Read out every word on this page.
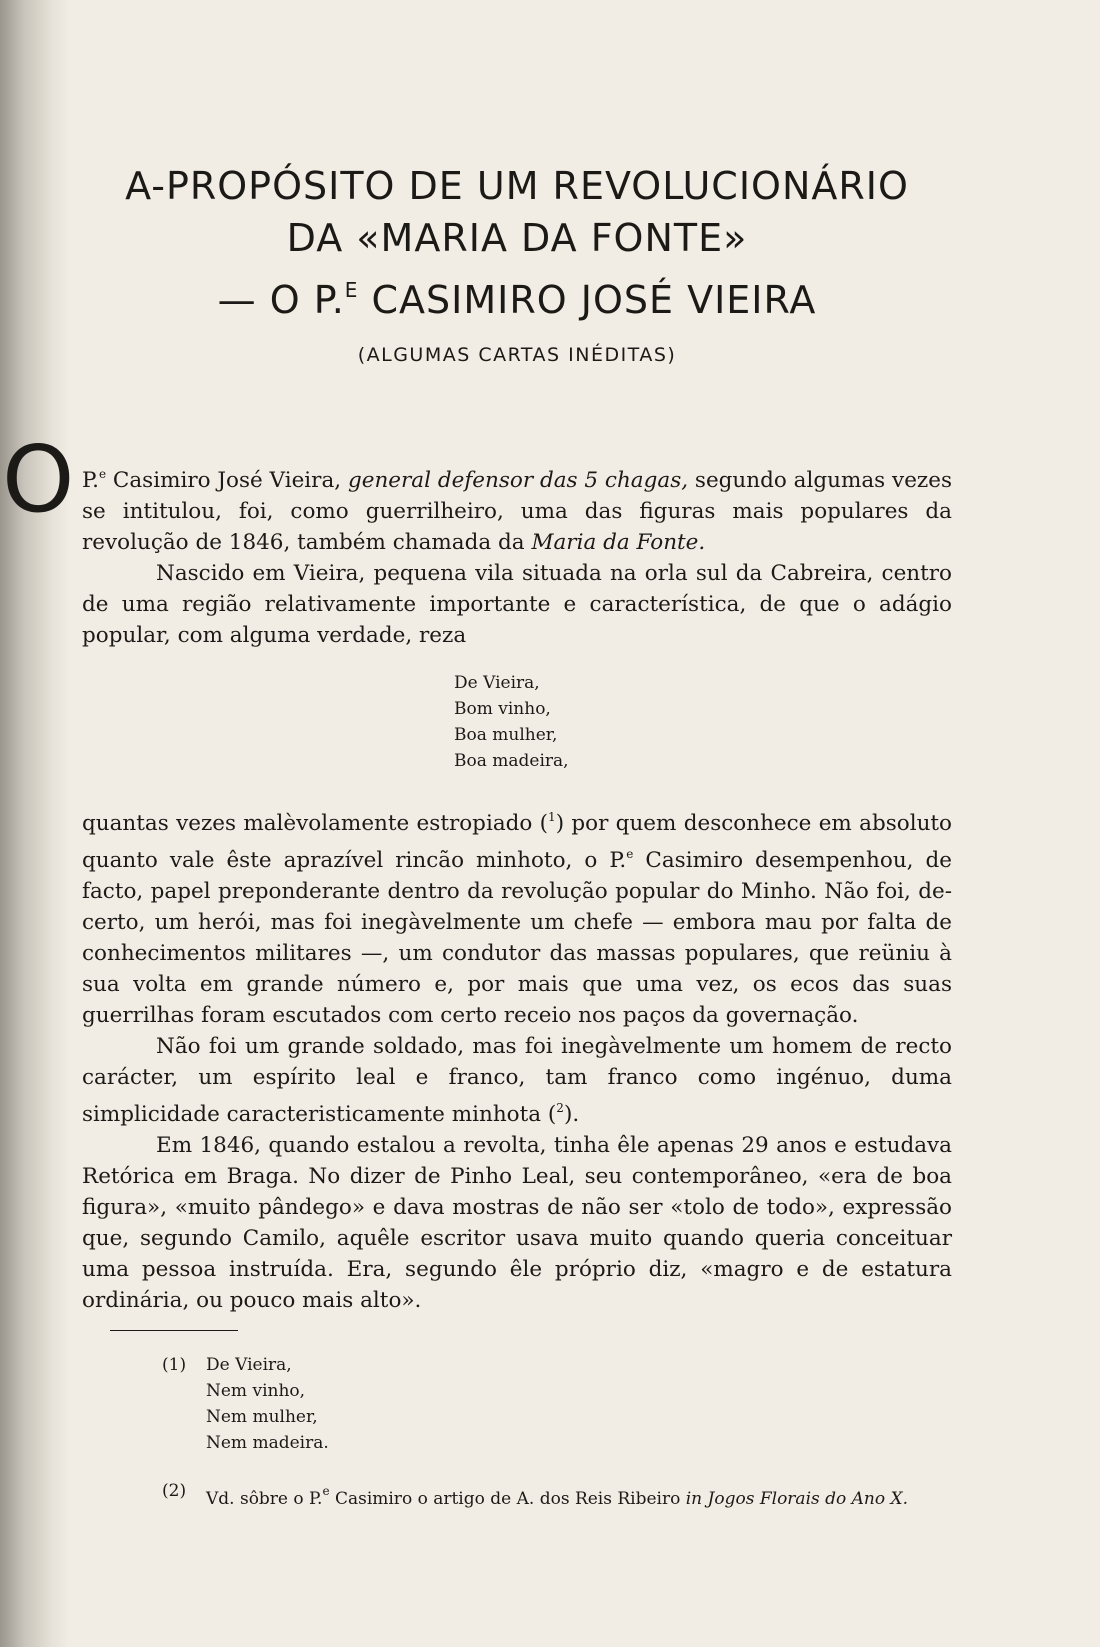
A-PROPÓSITO DE UM REVOLUCIONÁRIO
DA «MARIA DA FONTE»
— O P.$^E$ CASIMIRO JOSÉ VIEIRA
(ALGUMAS CARTAS INÉDITAS)
O P.$^e$ Casimiro José Vieira, general defensor das 5 chagas, segundo algumas vezes se intitulou, foi, como guerrilheiro, uma das figuras mais populares da revolução de 1846, também chamada da Maria da Fonte.

Nascido em Vieira, pequena vila situada na orla sul da Cabreira, centro de uma região relativamente importante e característica, de que o adágio popular, com alguma verdade, reza

De Vieira,
Bom vinho,
Boa mulher,
Boa madeira,

quantas vezes malèvolamente estropiado ($^1$) por quem desconhece em absoluto quanto vale êste aprazível rincão minhoto, o P.$^e$ Casimiro desempenhou, de facto, papel preponderante dentro da revolução popular do Minho. Não foi, de-certo, um herói, mas foi inegàvelmente um chefe — embora mau por falta de conhecimentos militares —, um condutor das massas populares, que reüniu à sua volta em grande número e, por mais que uma vez, os ecos das suas guerrilhas foram escutados com certo receio nos paços da governação.

Não foi um grande soldado, mas foi inegàvelmente um homem de recto carácter, um espírito leal e franco, tam franco como ingénuo, duma simplicidade caracteristicamente minhota ($^2$).

Em 1846, quando estalou a revolta, tinha êle apenas 29 anos e estudava Retórica em Braga. No dizer de Pinho Leal, seu contemporâneo, «era de boa figura», «muito pândego» e dava mostras de não ser «tolo de todo», expressão que, segundo Camilo, aquêle escritor usava muito quando queria conceituar uma pessoa instruída. Era, segundo êle próprio diz, «magro e de estatura ordinária, ou pouco mais alto».

(1) De Vieira,
Nem vinho,
Nem mulher,
Nem madeira.
(2) Vd. sôbre o P.$^e$ Casimiro o artigo de A. dos Reis Ribeiro in Jogos Florais do Ano X.
